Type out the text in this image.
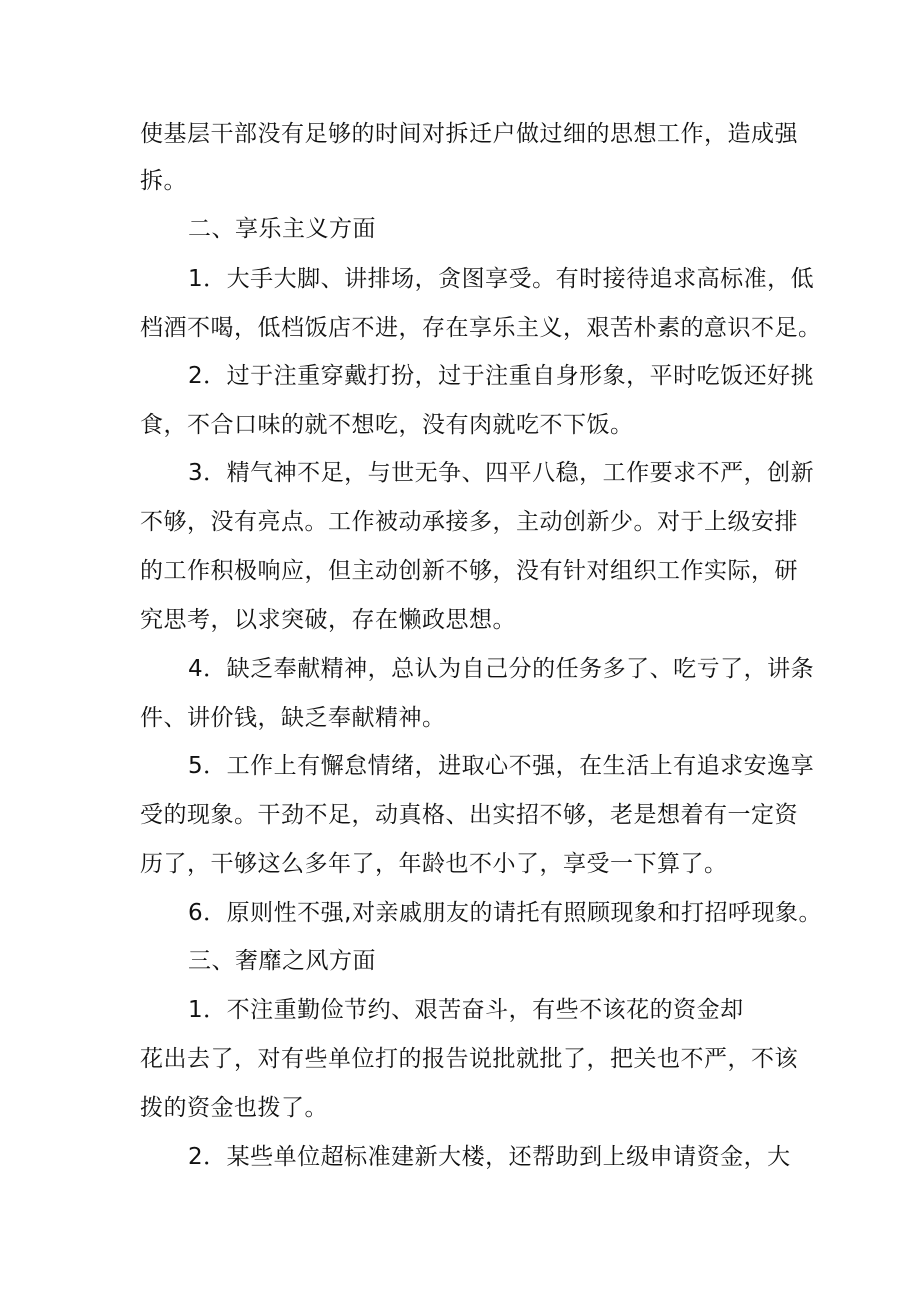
使基层干部没有足够的时间对拆迁户做过细的思想工作，造成强
拆。
二、享乐主义方面
1．大手大脚、讲排场，贪图享受。有时接待追求高标准，低
档酒不喝，低档饭店不进，存在享乐主义，艰苦朴素的意识不足。
2．过于注重穿戴打扮，过于注重自身形象，平时吃饭还好挑
食，不合口味的就不想吃，没有肉就吃不下饭。
3．精气神不足，与世无争、四平八稳，工作要求不严，创新
不够，没有亮点。工作被动承接多，主动创新少。对于上级安排
的工作积极响应，但主动创新不够，没有针对组织工作实际，研
究思考，以求突破，存在懒政思想。
4．缺乏奉献精神，总认为自己分的任务多了、吃亏了，讲条
件、讲价钱，缺乏奉献精神。
5．工作上有懈怠情绪，进取心不强，在生活上有追求安逸享
受的现象。干劲不足，动真格、出实招不够，老是想着有一定资
历了，干够这么多年了，年龄也不小了，享受一下算了。
6．原则性不强,对亲戚朋友的请托有照顾现象和打招呼现象。
三、奢靡之风方面
1．不注重勤俭节约、艰苦奋斗，有些不该花的资金却
花出去了，对有些单位打的报告说批就批了，把关也不严，不该
拨的资金也拨了。
2．某些单位超标准建新大楼，还帮助到上级申请资金，大
